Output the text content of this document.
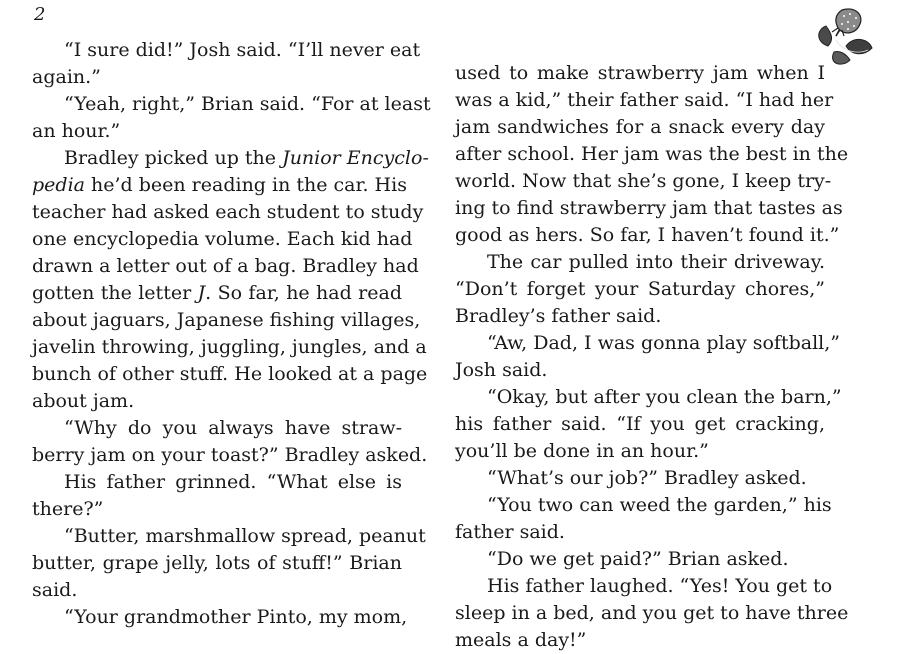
2
“I sure did!” Josh said. “I’ll never eat
again.”
“Yeah, right,” Brian said. “For at least
an hour.”
Bradley picked up the Junior Encyclo-
pedia he’d been reading in the car. His
teacher had asked each student to study
one encyclopedia volume. Each kid had
drawn a letter out of a bag. Bradley had
gotten the letter J. So far, he had read
about jaguars, Japanese fishing villages,
javelin throwing, juggling, jungles, and a
bunch of other stuff. He looked at a page
about jam.
“Why do you always have straw-
berry jam on your toast?” Bradley asked.
His father grinned. “What else is
there?”
“Butter, marshmallow spread, peanut
butter, grape jelly, lots of stuff!” Brian
said.
“Your grandmother Pinto, my mom,
used to make strawberry jam when I
was a kid,” their father said. “I had her
jam sandwiches for a snack every day
after school. Her jam was the best in the
world. Now that she’s gone, I keep try-
ing to find strawberry jam that tastes as
good as hers. So far, I haven’t found it.”
The car pulled into their driveway.
“Don’t forget your Saturday chores,”
Bradley’s father said.
“Aw, Dad, I was gonna play softball,”
Josh said.
“Okay, but after you clean the barn,”
his father said. “If you get cracking,
you’ll be done in an hour.”
“What’s our job?” Bradley asked.
“You two can weed the garden,” his
father said.
“Do we get paid?” Brian asked.
His father laughed. “Yes! You get to
sleep in a bed, and you get to have three
meals a day!”
